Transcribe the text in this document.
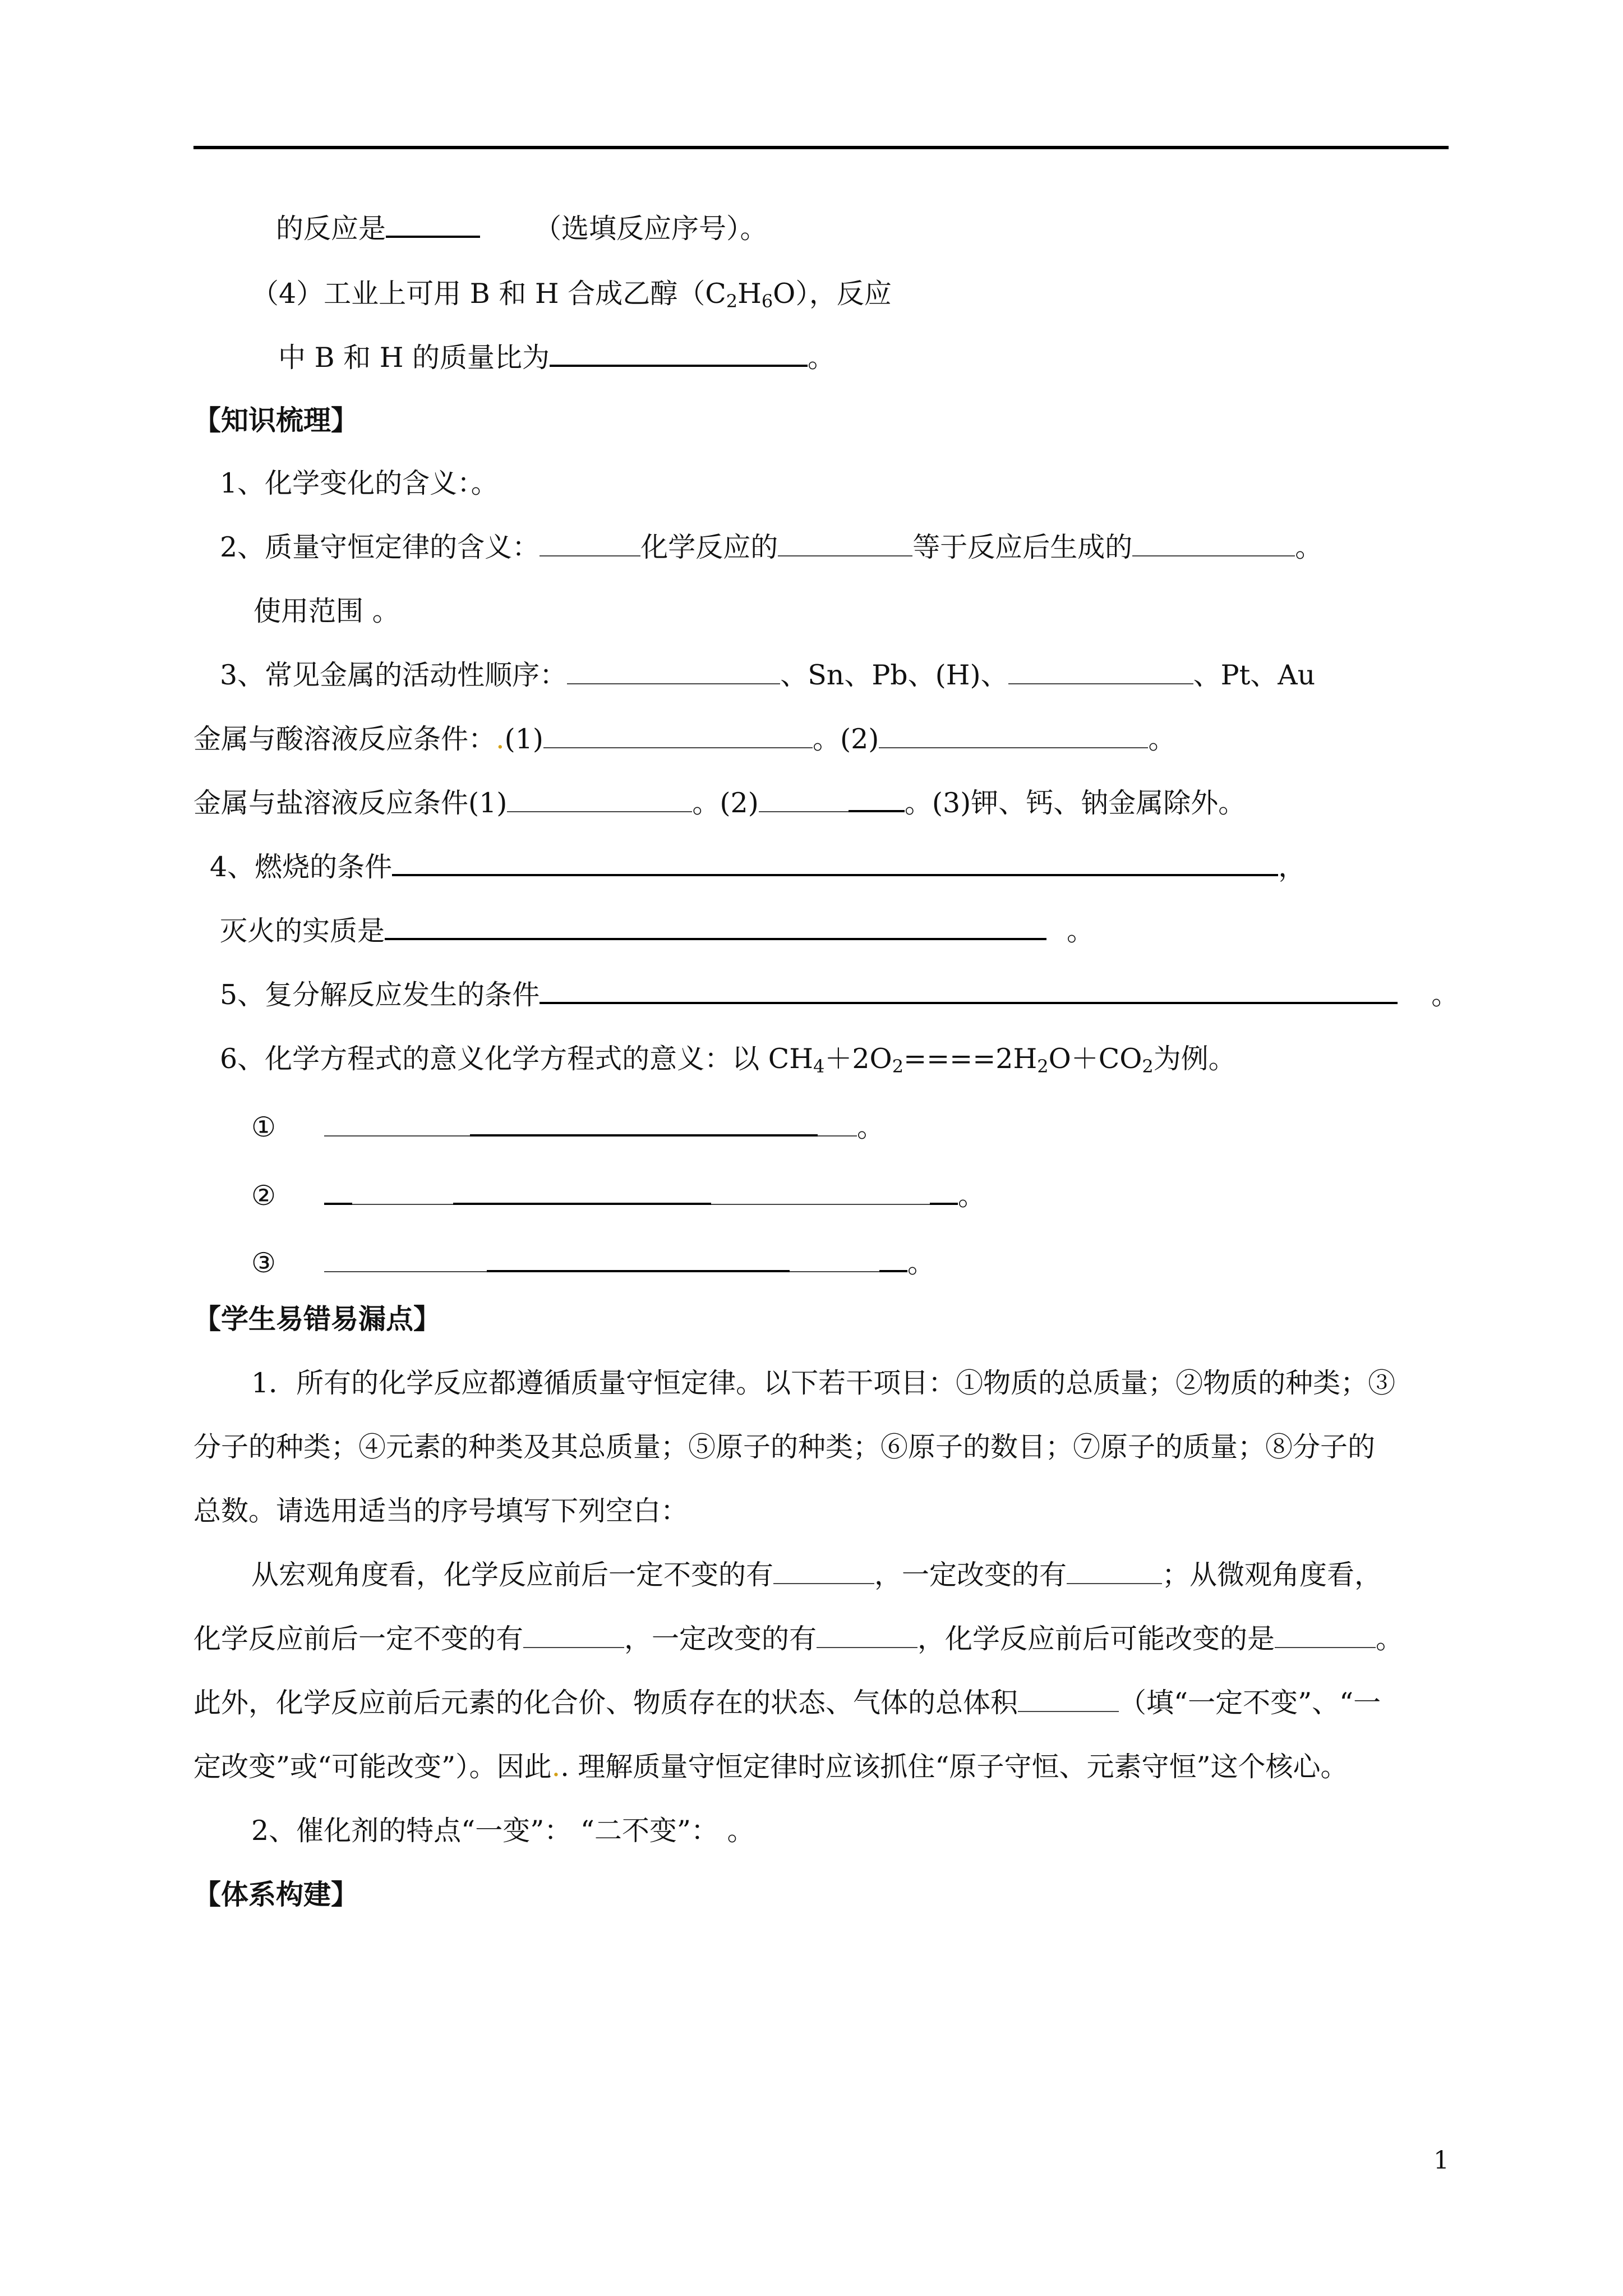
的反应是	（选填反应序号）。
（4）工业上可用 B 和 H 合成乙醇$(C_2H_6O)$，反应
中 B 和 H 的质量比为	。
【知识梳理】
1、化学变化的含义：。
2、质量守恒定律的含义：	化学反应的	等于反应后生成的	。
使用范围 。
3、常见金属的活动性顺序：	、Sn、Pb、(H)、	、Pt、Au
金属与酸溶液反应条件：.(1)	。(2)	。
金属与盐溶液反应条件(1)	。(2)	。(3)钾、钙、钠金属除外。
4、燃烧的条件	，
灭火的实质是	。
5、复分解反应发生的条件	。
6、化学方程式的意义化学方程式的意义：以 $CH_4+2O_2====2H_2O+CO_2$为例。
①	。
②	。
③	。
【学生易错易漏点】
1．所有的化学反应都遵循质量守恒定律。以下若干项目：①物质的总质量；②物质的种类；③
分子的种类；④元素的种类及其总质量；⑤原子的种类；⑥原子的数目；⑦原子的质量；⑧分子的
总数。请选用适当的序号填写下列空白：
从宏观角度看，化学反应前后一定不变的有	，一定改变的有	；从微观角度看，
化学反应前后一定不变的有	，一定改变的有	，化学反应前后可能改变的是	。
此外，化学反应前后元素的化合价、物质存在的状态、气体的总体积	（填“一定不变”、“一
定改变”或“可能改变”）。因此.. 理解质量守恒定律时应该抓住“原子守恒、元素守恒”这个核心。
2、催化剂的特点“一变”： “二不变”： 。
【体系构建】
1
